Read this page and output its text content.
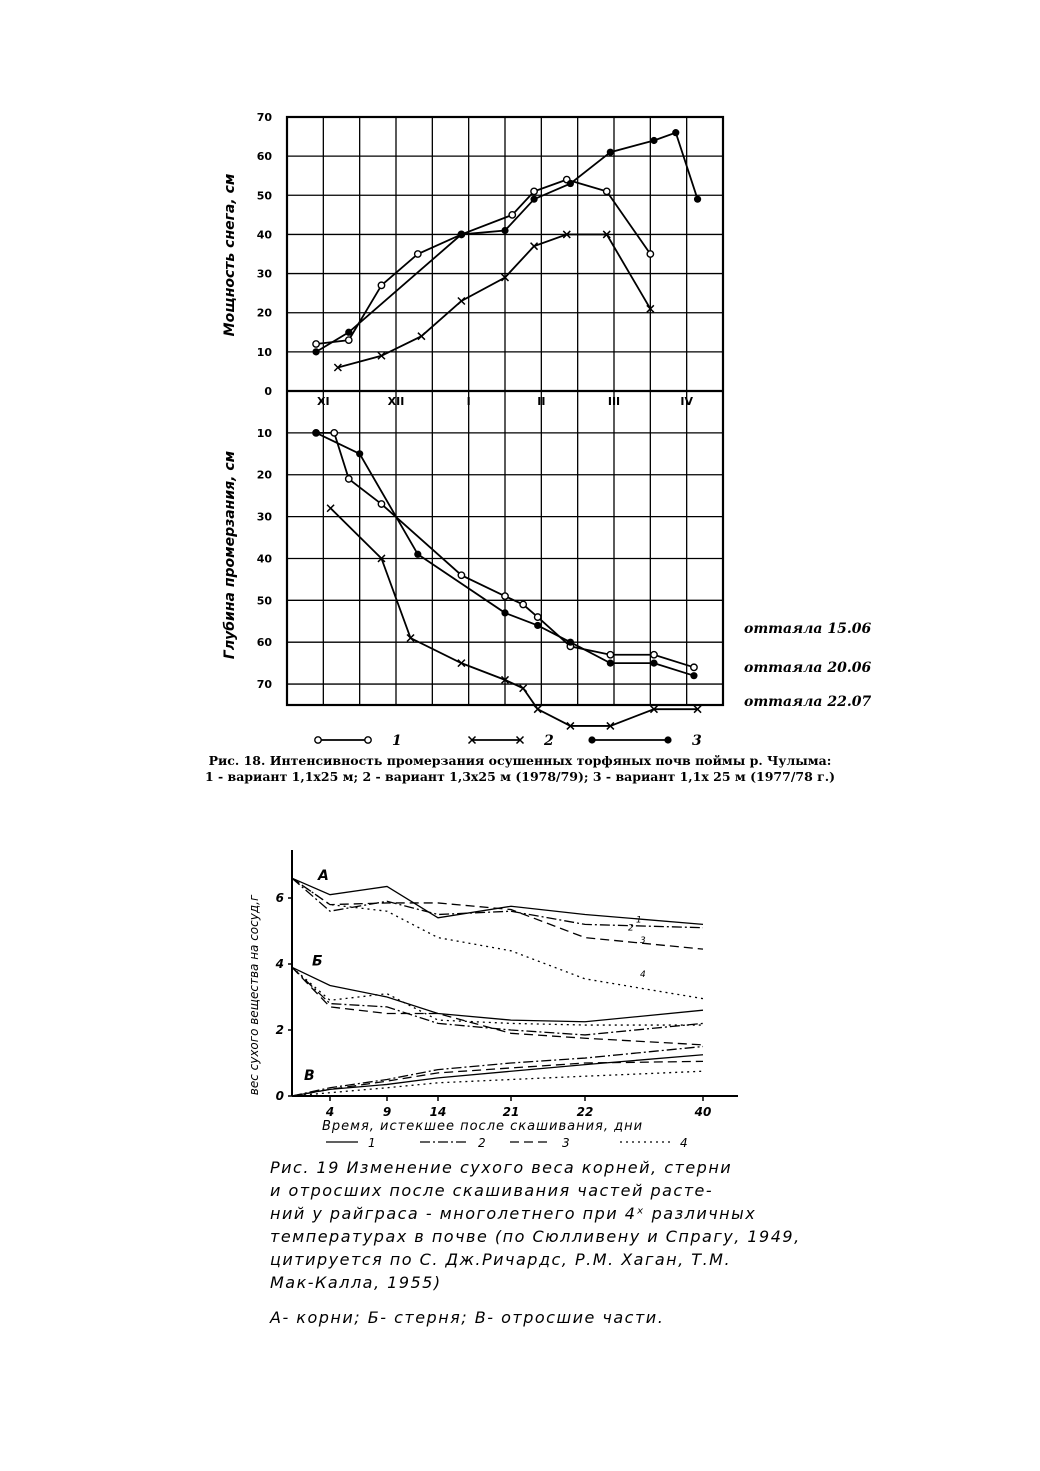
70
60
50
40
30
20
10
0
10
20
30
40
50
60
70
XI	XII	I	II	III	IV
Мощность снега, см
Глубина промерзания, см	оттаяла 15.06
оттаяла 20.06
оттаяла 22.07
1	2	3
Рис. 18. Интенсивность промерзания осушенных торфяных почв поймы р. Чулыма:
1 - вариант 1,1х25 м; 2 - вариант 1,3х25 м (1978/79); 3 - вариант 1,1х 25 м (1977/78 г.)
4	9	14	21	22	40
6
4
2
0
А
Б
В
вес сухого вещества на сосуд,г	1
2
3
4
Время, истекшее после скашивания, дни
1	2	3	4
Рис. 19 Изменение сухого веса корней, стерни
и отросших после скашивания частей расте-
ний у райграса - многолетнего при 4ˣ различных
температурах в почве (по Сюлливену и Спрагу, 1949,
цитируется по С. Дж.Ричардс, Р.М. Хаган, Т.М.
Мак-Калла, 1955)
А- корни; Б- стерня; В- отросшие части.
